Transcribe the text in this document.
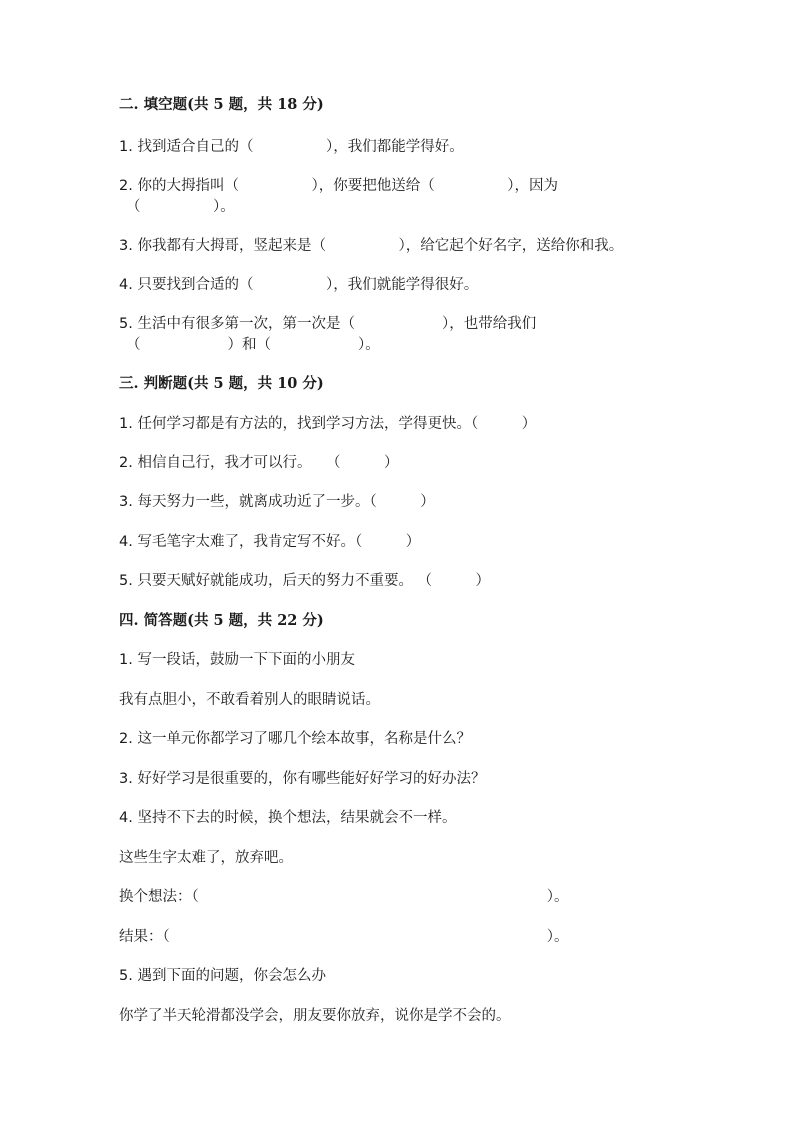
二. 填空题(共 5 题，共 18 分)

1. 找到适合自己的（　　　　　），我们都能学得好。

2. 你的大拇指叫（　　　　　），你要把他送给（　　　　　），因为

（　　　　　）。

3. 你我都有大拇哥，竖起来是（　　　　　），给它起个好名字，送给你和我。

4. 只要找到合适的（　　　　　），我们就能学得很好。

5. 生活中有很多第一次，第一次是（　　　　　　），也带给我们

（　　　　　　）和（　　　　　　）。

三. 判断题(共 5 题，共 10 分)

1. 任何学习都是有方法的，找到学习方法，学得更快。（　　　）

2. 相信自己行，我才可以行。　　（　　　）

3. 每天努力一些，就离成功近了一步。（　　　）

4. 写毛笔字太难了，我肯定写不好。（　　　）

5. 只要天赋好就能成功，后天的努力不重要。 （　　　）

四. 简答题(共 5 题，共 22 分)

1. 写一段话，鼓励一下下面的小朋友

我有点胆小，不敢看着别人的眼睛说话。

2. 这一单元你都学习了哪几个绘本故事，名称是什么？

3. 好好学习是很重要的，你有哪些能好好学习的好办法？

4. 坚持不下去的时候，换个想法，结果就会不一样。

这些生字太难了，放弃吧。

换个想法：（　　　　　　　　　　　　　　　　　　　　　　　　）。

结果：（　　　　　　　　　　　　　　　　　　　　　　　　　　）。

5. 遇到下面的问题，你会怎么办

你学了半天轮滑都没学会，朋友要你放弃，说你是学不会的。
